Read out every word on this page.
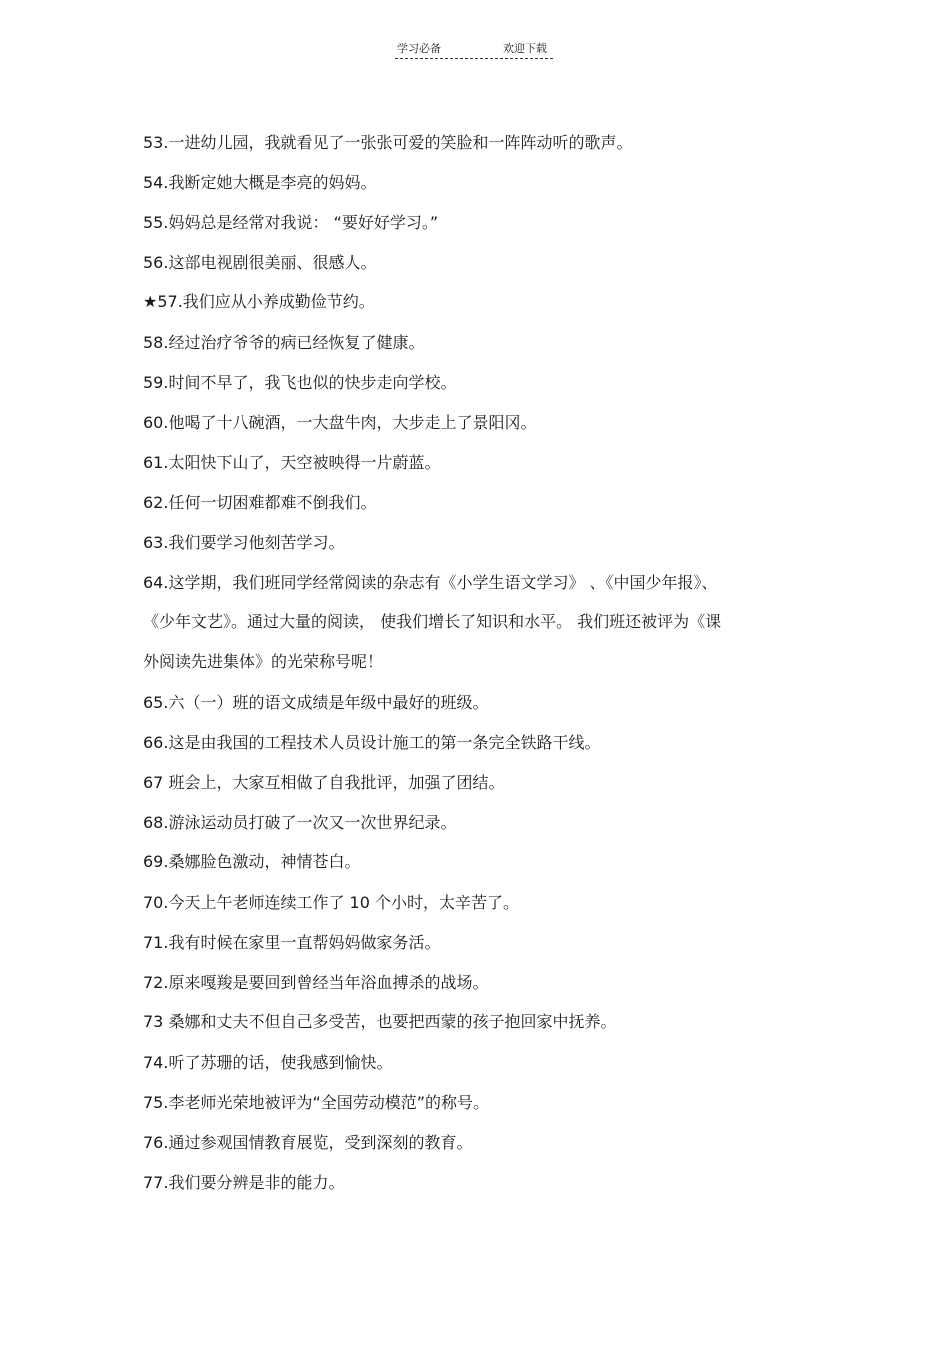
学习必备	欢迎下载
53.一进幼儿园，我就看见了一张张可爱的笑脸和一阵阵动听的歌声。
54.我断定她大概是李亮的妈妈。
55.妈妈总是经常对我说： “要好好学习。”
56.这部电视剧很美丽、很感人。
★57.我们应从小养成勤俭节约。
58.经过治疗爷爷的病已经恢复了健康。
59.时间不早了，我飞也似的快步走向学校。
60.他喝了十八碗酒，一大盘牛肉，大步走上了景阳冈。
61.太阳快下山了，天空被映得一片蔚蓝。
62.任何一切困难都难不倒我们。
63.我们要学习他刻苦学习。
64.这学期，我们班同学经常阅读的杂志有《小学生语文学习》 、《中国少年报》、
《少年文艺》。通过大量的阅读， 使我们增长了知识和水平。 我们班还被评为《课
外阅读先进集体》的光荣称号呢！
65.六（一）班的语文成绩是年级中最好的班级。
66.这是由我国的工程技术人员设计施工的第一条完全铁路干线。
67 班会上，大家互相做了自我批评，加强了团结。
68.游泳运动员打破了一次又一次世界纪录。
69.桑娜脸色激动，神情苍白。
70.今天上午老师连续工作了 10 个小时，太辛苦了。
71.我有时候在家里一直帮妈妈做家务活。
72.原来嘎羧是要回到曾经当年浴血搏杀的战场。
73 桑娜和丈夫不但自己多受苦，也要把西蒙的孩子抱回家中抚养。
74.听了苏珊的话，使我感到愉快。
75.李老师光荣地被评为“全国劳动模范”的称号。
76.通过参观国情教育展览，受到深刻的教育。
77.我们要分辨是非的能力。
